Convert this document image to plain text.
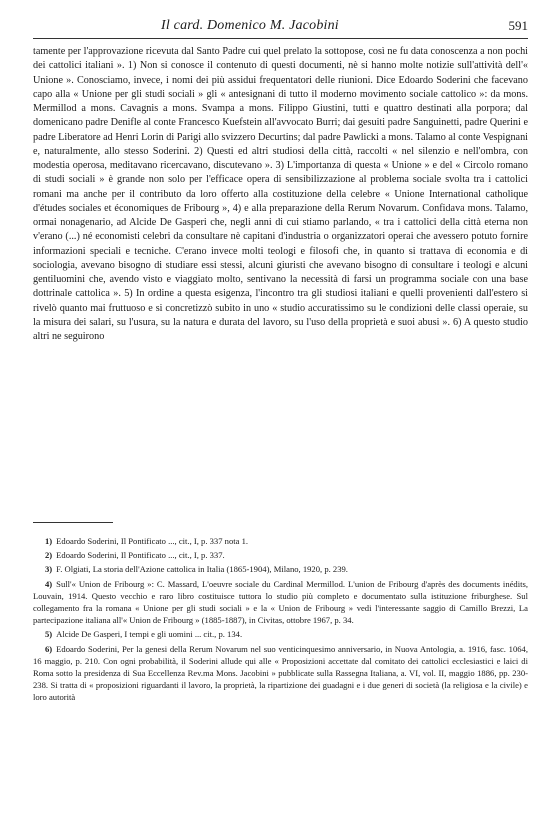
Il card. Domenico M. Jacobini	591

tamente per l'approvazione ricevuta dal Santo Padre cui quel prelato la sottopose, così ne fu data conoscenza a non pochi dei cattolici italiani ». 1) Non si conosce il contenuto di questi documenti, nè si hanno molte notizie sull'attività dell'« Unione ». Conosciamo, invece, i nomi dei più assidui frequentatori delle riunioni. Dice Edoardo Soderini che facevano capo alla « Unione per gli studi sociali » gli « antesignani di tutto il moderno movimento sociale cattolico »: da mons. Mermillod a mons. Cavagnis a mons. Svampa a mons. Filippo Giustini, tutti e quattro destinati alla porpora; dal domenicano padre Denifle al conte Francesco Kuefstein all'avvocato Burri; dai gesuiti padre Sanguinetti, padre Querini e padre Liberatore ad Henri Lorin di Parigi allo svizzero Decurtins; dal padre Pawlicki a mons. Talamo al conte Vespignani e, naturalmente, allo stesso Soderini. 2) Questi ed altri studiosi della città, raccolti « nel silenzio e nell'ombra, con modestia operosa, meditavano ricercavano, discutevano ». 3) L'importanza di questa « Unione » e del « Circolo romano di studi sociali » è grande non solo per l'efficace opera di sensibilizzazione al problema sociale svolta tra i cattolici romani ma anche per il contributo da loro offerto alla costituzione della celebre « Unione International catholique d'études sociales et économiques de Fribourg », 4) e alla preparazione della Rerum Novarum. Confidava mons. Talamo, ormai nonagenario, ad Alcide De Gasperi che, negli anni di cui stiamo parlando, « tra i cattolici della città eterna non v'erano (...) né economisti celebri da consultare nè capitani d'industria o organizzatori operai che avessero potuto fornire informazioni speciali e tecniche. C'erano invece molti teologi e filosofi che, in quanto si trattava di economia e di sociologia, avevano bisogno di studiare essi stessi, alcuni giuristi che avevano bisogno di consultare i teologi e alcuni gentiluomini che, avendo visto e viaggiato molto, sentivano la necessità di farsi un programma sociale con una base dottrinale cattolica ». 5) In ordine a questa esigenza, l'incontro tra gli studiosi italiani e quelli provenienti dall'estero si rivelò quanto mai fruttuoso e si concretizzò subito in uno « studio accuratissimo su le condizioni delle classi operaie, su la misura dei salari, su l'usura, su la natura e durata del lavoro, su l'uso della proprietà e suoi abusi ». 6) A questo studio altri ne seguirono

1) Edoardo Soderini, Il Pontificato ..., cit., I, p. 337 nota 1.

2) Edoardo Soderini, Il Pontificato ..., cit., I, p. 337.

3) F. Olgiati, La storia dell'Azione cattolica in Italia (1865-1904), Milano, 1920, p. 239.

4) Sull'« Union de Fribourg »: C. Massard, L'oeuvre sociale du Cardinal Mermillod. L'union de Fribourg d'après des documents inédits, Louvain, 1914. Questo vecchio e raro libro costituisce tuttora lo studio più completo e documentato sulla istituzione friburghese. Sul collegamento fra la romana « Unione per gli studi sociali » e la « Union de Fribourg » vedi l'interessante saggio di Camillo Brezzi, La partecipazione italiana all'« Union de Fribourg » (1885-1887), in Civitas, ottobre 1967, p. 34.

5) Alcide De Gasperi, I tempi e gli uomini ... cit., p. 134.

6) Edoardo Soderini, Per la genesi della Rerum Novarum nel suo venticinquesimo anniversario, in Nuova Antologia, a. 1916, fasc. 1064, 16 maggio, p. 210. Con ogni probabilità, il Soderini allude qui alle « Proposizioni accettate dal comitato dei cattolici ecclesiastici e laici di Roma sotto la presidenza di Sua Eccellenza Rev.ma Mons. Jacobini » pubblicate sulla Rassegna Italiana, a. VI, vol. II, maggio 1886, pp. 230-238. Si tratta di « proposizioni riguardanti il lavoro, la proprietà, la ripartizione dei guadagni e i due generi di società (la religiosa e la civile) e loro autorità
